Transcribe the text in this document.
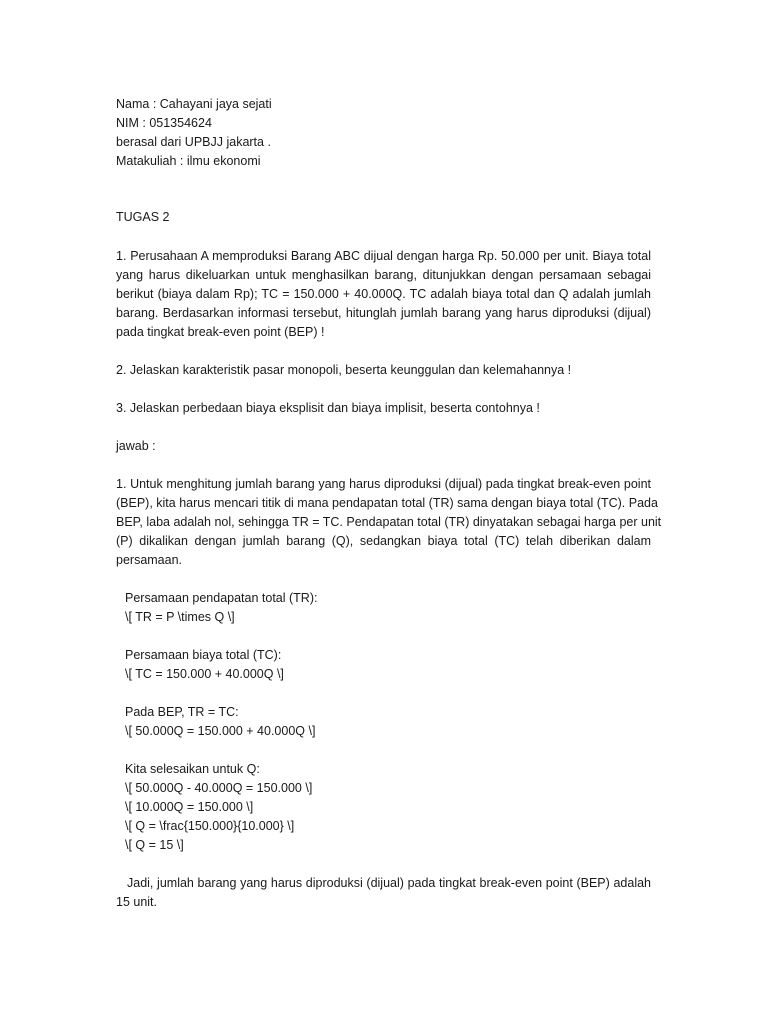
Nama : Cahayani jaya sejati
NIM : 051354624
berasal dari UPBJJ jakarta .
Matakuliah : ilmu ekonomi
TUGAS 2
1. Perusahaan A memproduksi Barang ABC dijual dengan harga Rp. 50.000 per unit. Biaya total
yang harus dikeluarkan untuk menghasilkan barang, ditunjukkan dengan persamaan sebagai
berikut (biaya dalam Rp); TC = 150.000 + 40.000Q. TC adalah biaya total dan Q adalah jumlah
barang. Berdasarkan informasi tersebut, hitunglah jumlah barang yang harus diproduksi (dijual)
pada tingkat break-even point (BEP) !
2. Jelaskan karakteristik pasar monopoli, beserta keunggulan dan kelemahannya !
3. Jelaskan perbedaan biaya eksplisit dan biaya implisit, beserta contohnya !
jawab :
1. Untuk menghitung jumlah barang yang harus diproduksi (dijual) pada tingkat break-even point
(BEP), kita harus mencari titik di mana pendapatan total (TR) sama dengan biaya total (TC). Pada
BEP, laba adalah nol, sehingga TR = TC. Pendapatan total (TR) dinyatakan sebagai harga per unit
(P) dikalikan dengan jumlah barang (Q), sedangkan biaya total (TC) telah diberikan dalam
persamaan.
Persamaan pendapatan total (TR):
\[ TR = P \times Q \]
Persamaan biaya total (TC):
\[ TC = 150.000 + 40.000Q \]
Pada BEP, TR = TC:
\[ 50.000Q = 150.000 + 40.000Q \]
Kita selesaikan untuk Q:
\[ 50.000Q - 40.000Q = 150.000 \]
\[ 10.000Q = 150.000 \]
\[ Q = \frac{150.000}{10.000} \]
\[ Q = 15 \]
Jadi, jumlah barang yang harus diproduksi (dijual) pada tingkat break-even point (BEP) adalah
15 unit.
